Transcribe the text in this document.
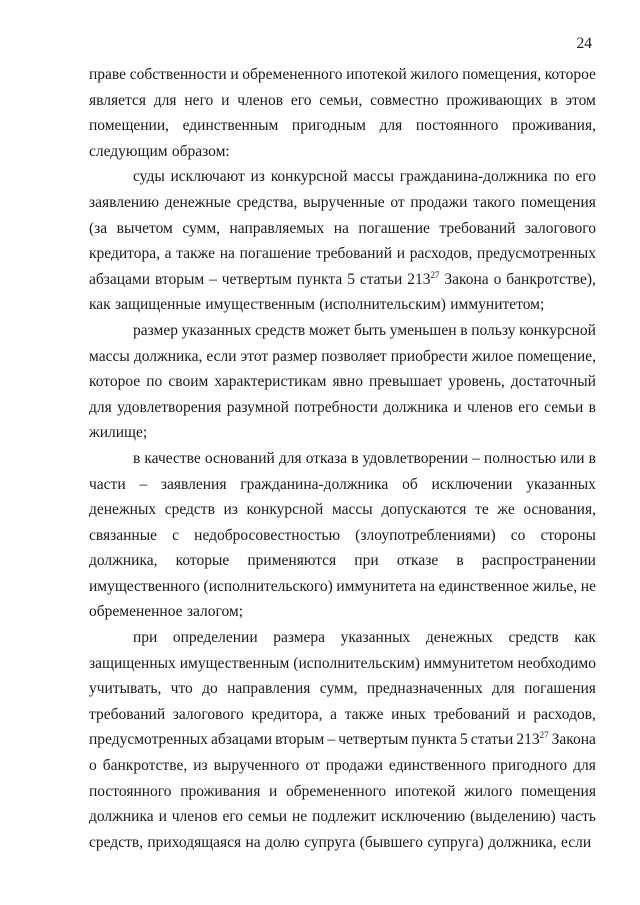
24
праве собственности и обремененного ипотекой жилого помещения, которое
является для него и членов его семьи, совместно проживающих в этом
помещении, единственным пригодным для постоянного проживания,
следующим образом:
суды исключают из конкурсной массы гражданина-должника по его
заявлению денежные средства, вырученные от продажи такого помещения
(за вычетом сумм, направляемых на погашение требований залогового
кредитора, а также на погашение требований и расходов, предусмотренных
абзацами вторым – четвертым пункта 5 статьи $213^{27}$ Закона о банкротстве),
как защищенные имущественным (исполнительским) иммунитетом;
размер указанных средств может быть уменьшен в пользу конкурсной
массы должника, если этот размер позволяет приобрести жилое помещение,
которое по своим характеристикам явно превышает уровень, достаточный
для удовлетворения разумной потребности должника и членов его семьи в
жилище;
в качестве оснований для отказа в удовлетворении – полностью или в
части – заявления гражданина-должника об исключении указанных
денежных средств из конкурсной массы допускаются те же основания,
связанные с недобросовестностью (злоупотреблениями) со стороны
должника, которые применяются при отказе в распространении
имущественного (исполнительского) иммунитета на единственное жилье, не
обремененное залогом;
при определении размера указанных денежных средств как
защищенных имущественным (исполнительским) иммунитетом необходимо
учитывать, что до направления сумм, предназначенных для погашения
требований залогового кредитора, а также иных требований и расходов,
предусмотренных абзацами вторым – четвертым пункта 5 статьи $213^{27}$ Закона
о банкротстве, из вырученного от продажи единственного пригодного для
постоянного проживания и обремененного ипотекой жилого помещения
должника и членов его семьи не подлежит исключению (выделению) часть
средств, приходящаяся на долю супруга (бывшего супруга) должника, если
